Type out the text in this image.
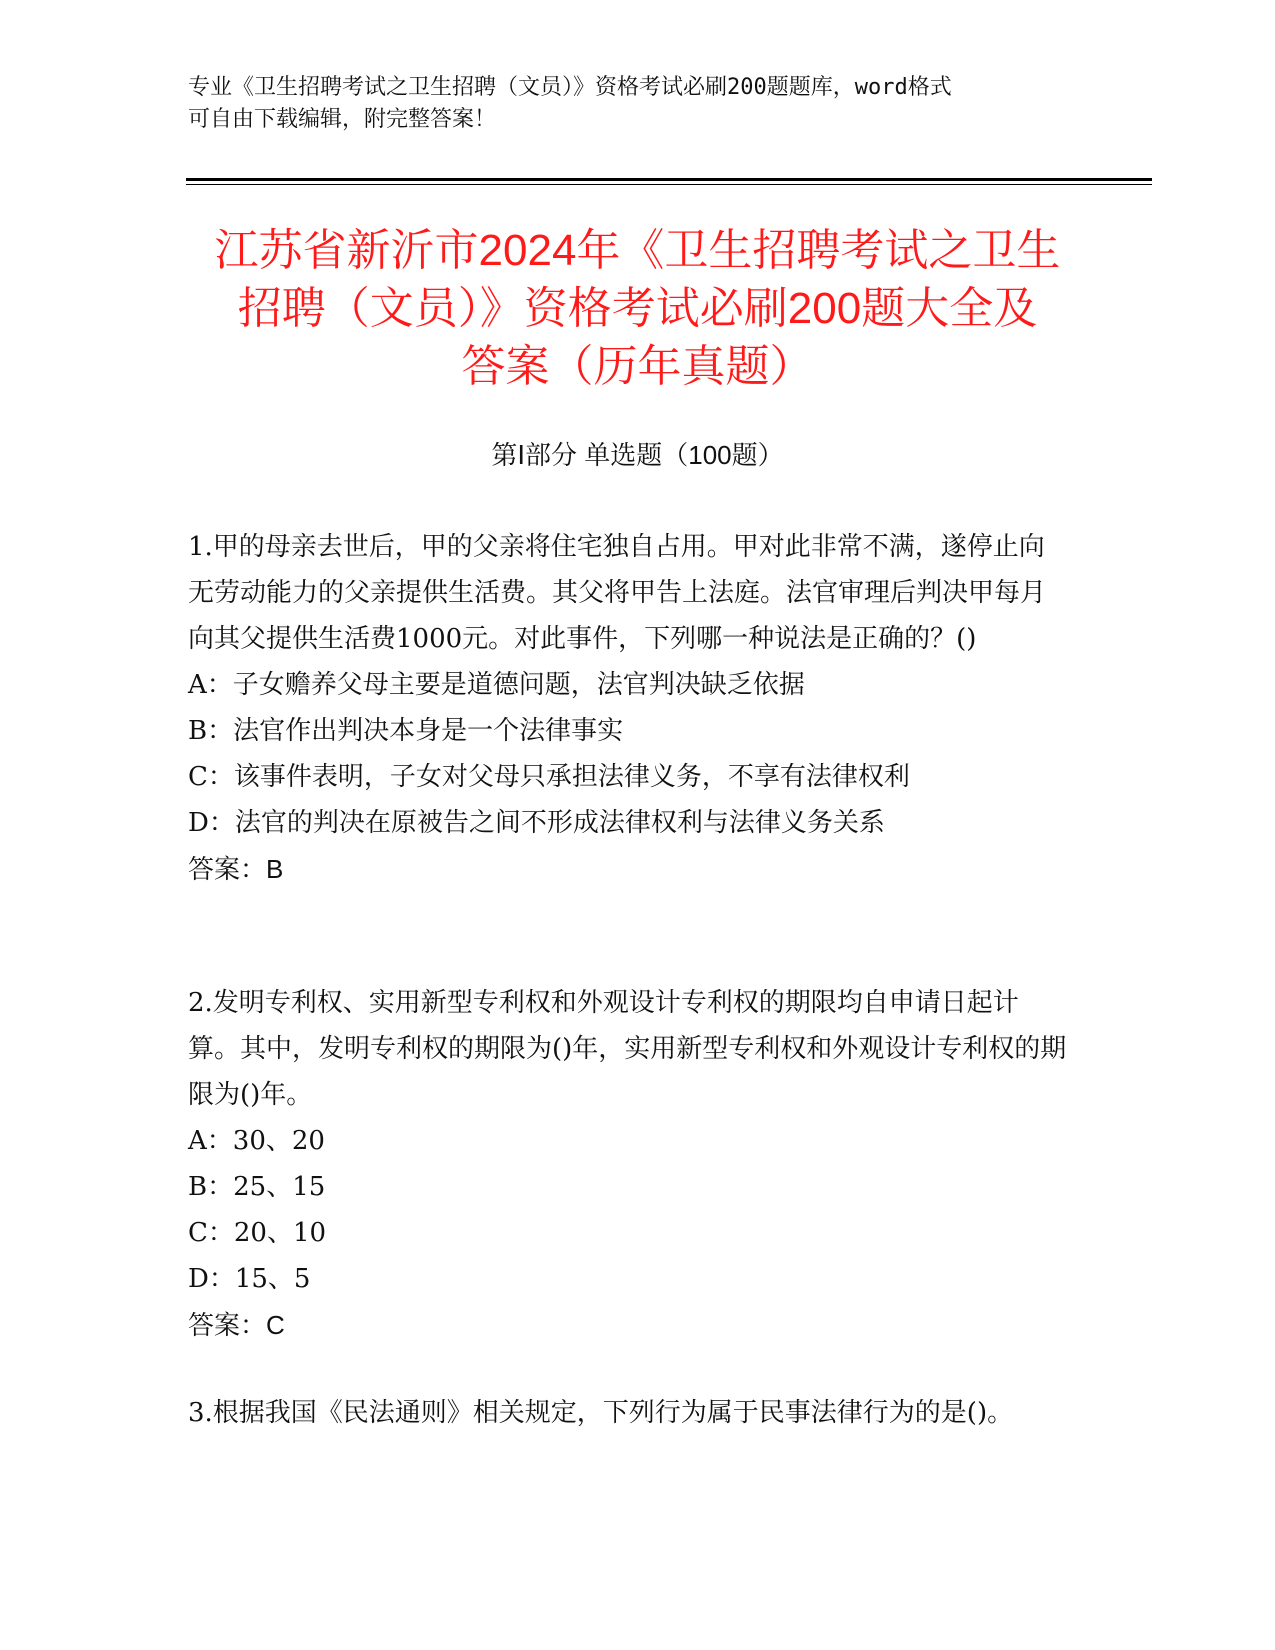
专业《卫生招聘考试之卫生招聘（文员）》资格考试必刷200题题库，word格式
可自由下载编辑，附完整答案！
江苏省新沂市2024年《卫生招聘考试之卫生
招聘（文员）》资格考试必刷200题大全及
答案（历年真题）
第Ⅰ部分 单选题（100题）

1.甲的母亲去世后，甲的父亲将住宅独自占用。甲对此非常不满，遂停止向无劳动能力的父亲提供生活费。其父将甲告上法庭。法官审理后判决甲每月向其父提供生活费1000元。对此事件，下列哪一种说法是正确的？()

A：子女赡养父母主要是道德问题，法官判决缺乏依据

B：法官作出判决本身是一个法律事实

C：该事件表明，子女对父母只承担法律义务，不享有法律权利

D：法官的判决在原被告之间不形成法律权利与法律义务关系

答案：B

2.发明专利权、实用新型专利权和外观设计专利权的期限均自申请日起计算。其中，发明专利权的期限为()年，实用新型专利权和外观设计专利权的期限为()年。

A：30、20

B：25、15

C：20、10

D：15、5

答案：C

3.根据我国《民法通则》相关规定，下列行为属于民事法律行为的是()。
